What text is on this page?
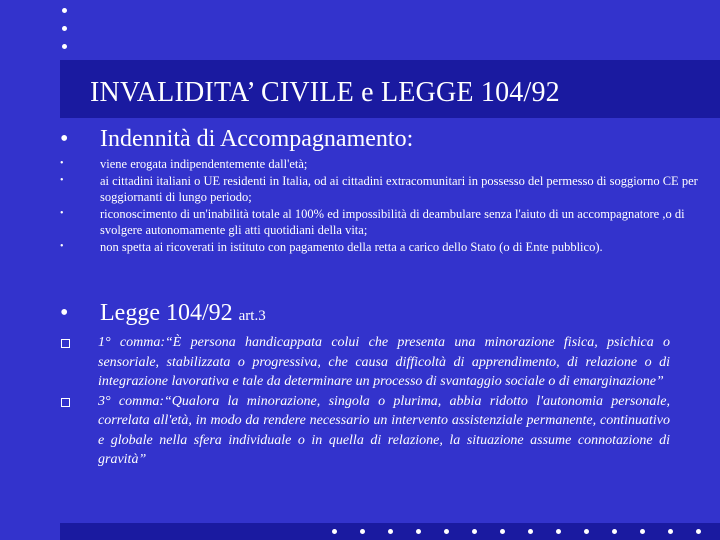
INVALIDITA’ CIVILE e LEGGE 104/92
• Indennità di Accompagnamento:
•	viene erogata indipendentemente dall'età;
•	ai cittadini italiani o UE residenti in Italia, od ai cittadini extracomunitari in possesso del permesso di soggiorno CE per soggiornanti di lungo periodo;
•	riconoscimento di un'inabilità totale al 100% ed impossibilità di deambulare senza l'aiuto di un accompagnatore ,o di svolgere autonomamente gli atti quotidiani della vita;
•	non spetta ai ricoverati in istituto con pagamento della retta a carico dello Stato (o di Ente pubblico).
• Legge 104/92 art.3
1° comma:“È persona handicappata colui che presenta una minorazione fisica, psichica o sensoriale, stabilizzata o progressiva, che causa difficoltà di apprendimento, di relazione o di integrazione lavorativa e tale da determinare un processo di svantaggio sociale o di emarginazione”
3° comma:“Qualora la minorazione, singola o plurima, abbia ridotto l'autonomia personale, correlata all'età, in modo da rendere necessario un intervento assistenziale permanente, continuativo e globale nella sfera individuale o in quella di relazione, la situazione assume connotazione di gravità”
